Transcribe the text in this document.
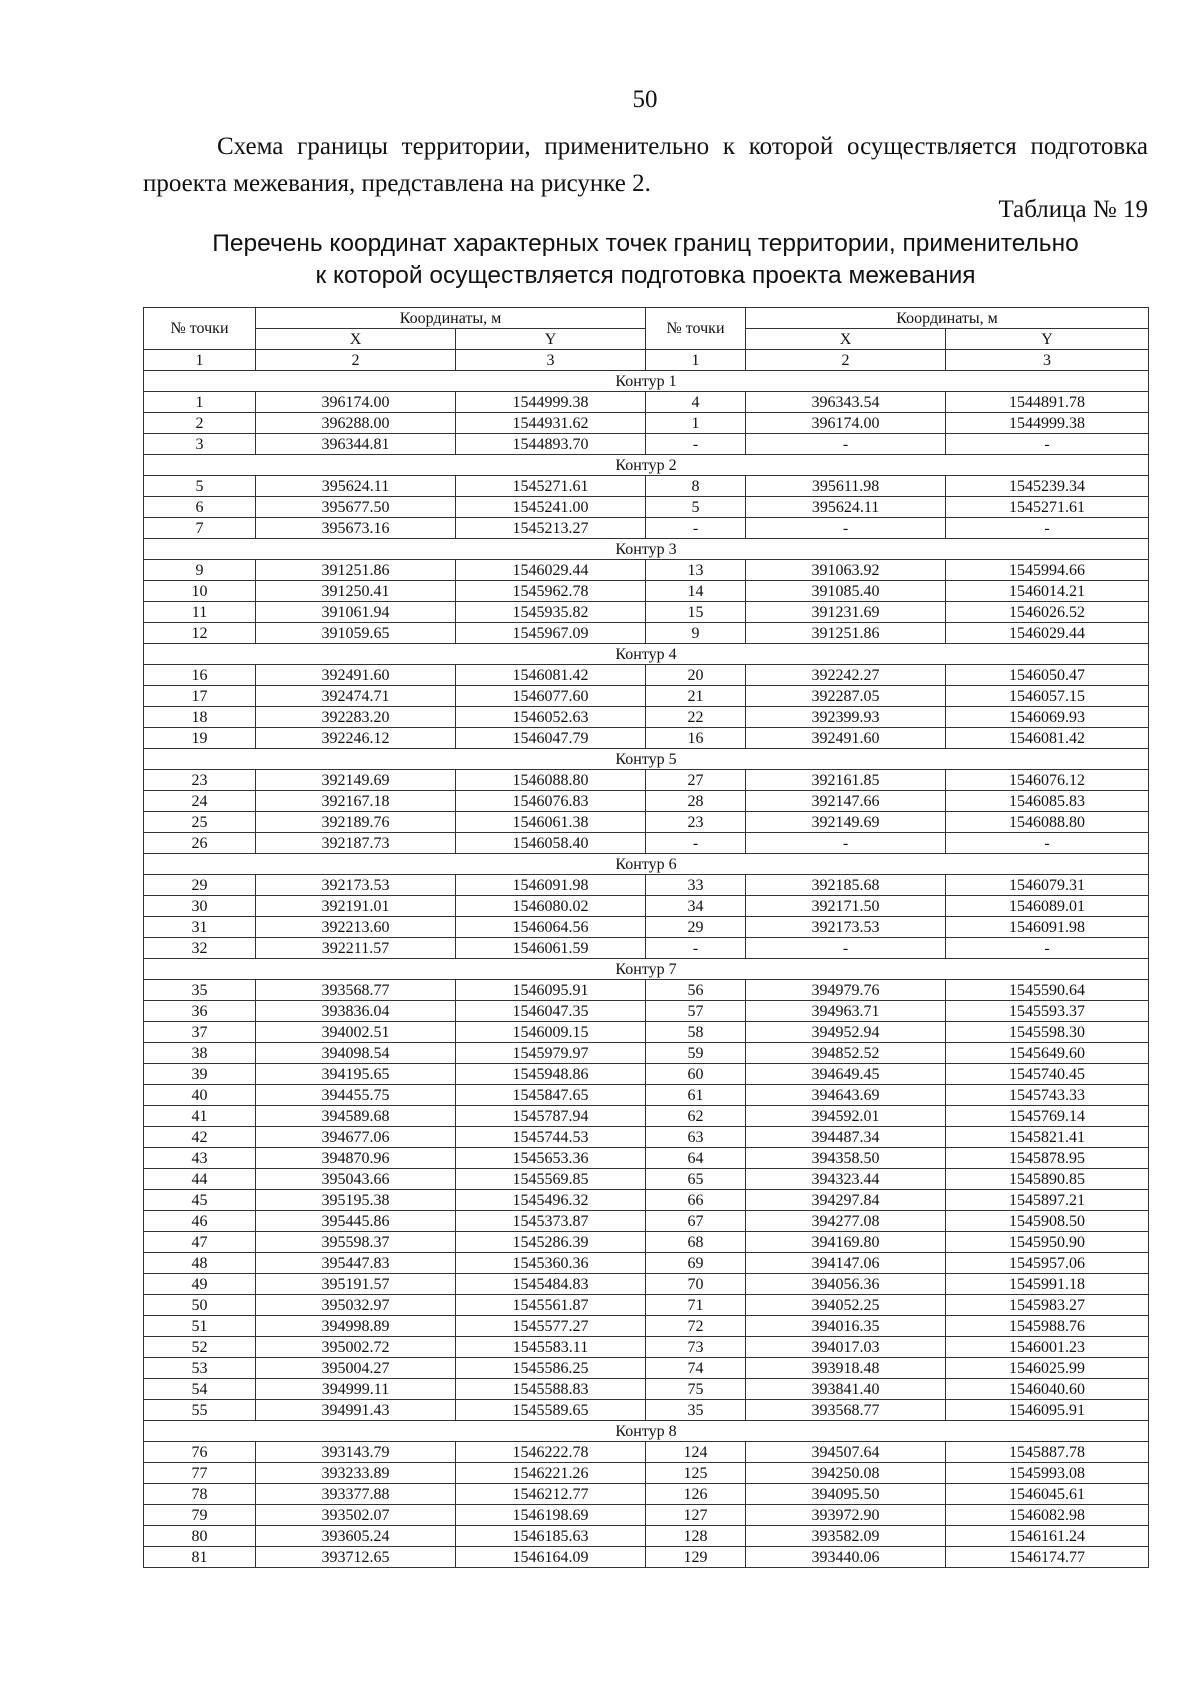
50

Схема границы территории, применительно к которой осуществляется подготовка проекта межевания, представлена на рисунке 2.

Таблица № 19
Перечень координат характерных точек границ территории, применительно
к которой осуществляется подготовка проекта межевания
№ точки	Координаты, м		№ точки	Координаты, м	
	X	Y		X	Y
1	2	3	1	2	3
Контур 1					
1	396174.00	1544999.38	4	396343.54	1544891.78
2	396288.00	1544931.62	1	396174.00	1544999.38
3	396344.81	1544893.70	-	-	-
Контур 2					
5	395624.11	1545271.61	8	395611.98	1545239.34
6	395677.50	1545241.00	5	395624.11	1545271.61
7	395673.16	1545213.27	-	-	-
Контур 3					
9	391251.86	1546029.44	13	391063.92	1545994.66
10	391250.41	1545962.78	14	391085.40	1546014.21
11	391061.94	1545935.82	15	391231.69	1546026.52
12	391059.65	1545967.09	9	391251.86	1546029.44
Контур 4					
16	392491.60	1546081.42	20	392242.27	1546050.47
17	392474.71	1546077.60	21	392287.05	1546057.15
18	392283.20	1546052.63	22	392399.93	1546069.93
19	392246.12	1546047.79	16	392491.60	1546081.42
Контур 5					
23	392149.69	1546088.80	27	392161.85	1546076.12
24	392167.18	1546076.83	28	392147.66	1546085.83
25	392189.76	1546061.38	23	392149.69	1546088.80
26	392187.73	1546058.40	-	-	-
Контур 6					
29	392173.53	1546091.98	33	392185.68	1546079.31
30	392191.01	1546080.02	34	392171.50	1546089.01
31	392213.60	1546064.56	29	392173.53	1546091.98
32	392211.57	1546061.59	-	-	-
Контур 7					
35	393568.77	1546095.91	56	394979.76	1545590.64
36	393836.04	1546047.35	57	394963.71	1545593.37
37	394002.51	1546009.15	58	394952.94	1545598.30
38	394098.54	1545979.97	59	394852.52	1545649.60
39	394195.65	1545948.86	60	394649.45	1545740.45
40	394455.75	1545847.65	61	394643.69	1545743.33
41	394589.68	1545787.94	62	394592.01	1545769.14
42	394677.06	1545744.53	63	394487.34	1545821.41
43	394870.96	1545653.36	64	394358.50	1545878.95
44	395043.66	1545569.85	65	394323.44	1545890.85
45	395195.38	1545496.32	66	394297.84	1545897.21
46	395445.86	1545373.87	67	394277.08	1545908.50
47	395598.37	1545286.39	68	394169.80	1545950.90
48	395447.83	1545360.36	69	394147.06	1545957.06
49	395191.57	1545484.83	70	394056.36	1545991.18
50	395032.97	1545561.87	71	394052.25	1545983.27
51	394998.89	1545577.27	72	394016.35	1545988.76
52	395002.72	1545583.11	73	394017.03	1546001.23
53	395004.27	1545586.25	74	393918.48	1546025.99
54	394999.11	1545588.83	75	393841.40	1546040.60
55	394991.43	1545589.65	35	393568.77	1546095.91
Контур 8					
76	393143.79	1546222.78	124	394507.64	1545887.78
77	393233.89	1546221.26	125	394250.08	1545993.08
78	393377.88	1546212.77	126	394095.50	1546045.61
79	393502.07	1546198.69	127	393972.90	1546082.98
80	393605.24	1546185.63	128	393582.09	1546161.24
81	393712.65	1546164.09	129	393440.06	1546174.77
